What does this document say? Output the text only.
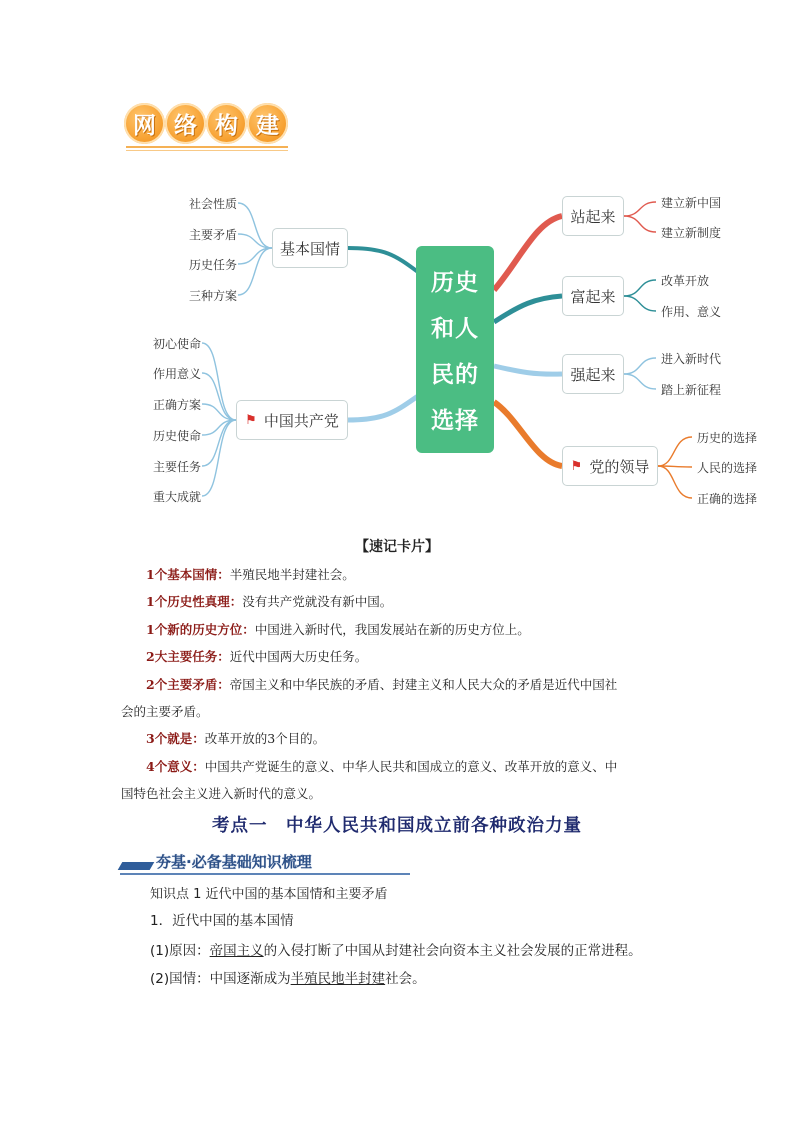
网 络 构 建
历史
和人
民的
选择
基本国情
⚑ 中国共产党
社会性质
主要矛盾
历史任务
三种方案
初心使命
作用意义
正确方案
历史使命
主要任务
重大成就
站起来
富起来
强起来
⚑ 党的领导
建立新中国
建立新制度
改革开放
作用、意义
进入新时代
踏上新征程
历史的选择
人民的选择
正确的选择
【速记卡片】
1个基本国情：半殖民地半封建社会。
1个历史性真理：没有共产党就没有新中国。
1个新的历史方位：中国进入新时代，我国发展站在新的历史方位上。
2大主要任务：近代中国两大历史任务。
2个主要矛盾：帝国主义和中华民族的矛盾、封建主义和人民大众的矛盾是近代中国社
会的主要矛盾。
3个就是：改革开放的3个目的。
4个意义：中国共产党诞生的意义、中华人民共和国成立的意义、改革开放的意义、中
国特色社会主义进入新时代的意义。
考点一　中华人民共和国成立前各种政治力量
夯基·必备基础知识梳理
知识点 1 近代中国的基本国情和主要矛盾
1．近代中国的基本国情
(1)原因：帝国主义的入侵打断了中国从封建社会向资本主义社会发展的正常进程。
(2)国情：中国逐渐成为半殖民地半封建社会。
